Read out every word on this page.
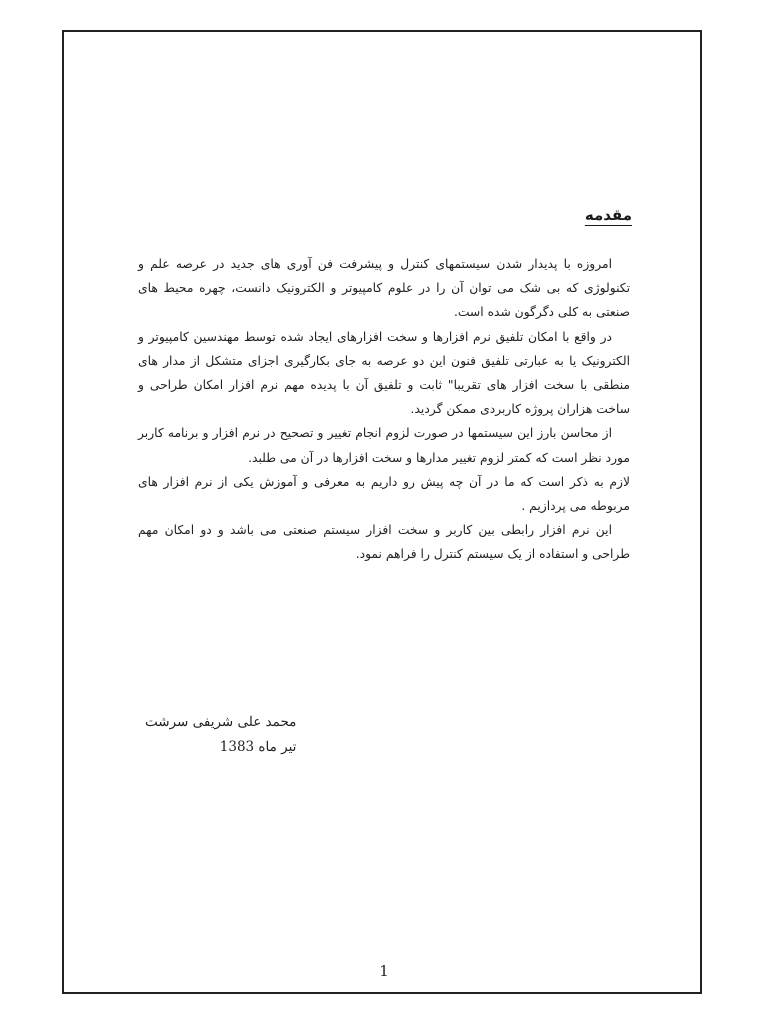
مقدمه

امروزه با پدیدار شدن سیستمهای کنترل و پیشرفت فن آوری های جدید در عرصه علم و تکنولوژی که بی شک می توان آن را در علوم کامپیوتر و الکترونیک دانست، چهره محیط های صنعتی به کلی دگرگون شده است.

در واقع با امکان تلفیق نرم افزارها و سخت افزارهای ایجاد شده توسط مهندسین کامپیوتر و الکترونیک یا به عبارتی تلفیق فنون این دو عرصه به جای بکارگیری اجزای متشکل از مدار های منطقی با سخت افزار های تقریبا" ثابت و تلفیق آن با پدیده مهم نرم افزار امکان طراحی و ساخت هزاران پروژه کاربردی ممکن گردید.

از محاسن بارز این سیستمها در صورت لزوم انجام تغییر و تصحیح در نرم افزار و برنامه کاربر مورد نظر است که کمتر لزوم تغییر مدارها و سخت افزارها در آن می طلبد.

لازم به ذکر است که ما در آن چه پیش رو داریم به معرفی و آموزش یکی از نرم افزار های مربوطه می پردازیم .

این نرم افزار رابطی بین کاربر و سخت افزار سیستم صنعتی می باشد و دو امکان مهم طراحی و استفاده از یک سیستم کنترل را فراهم نمود.

محمد علی شریفی سرشت
تیر ماه 1383
1
